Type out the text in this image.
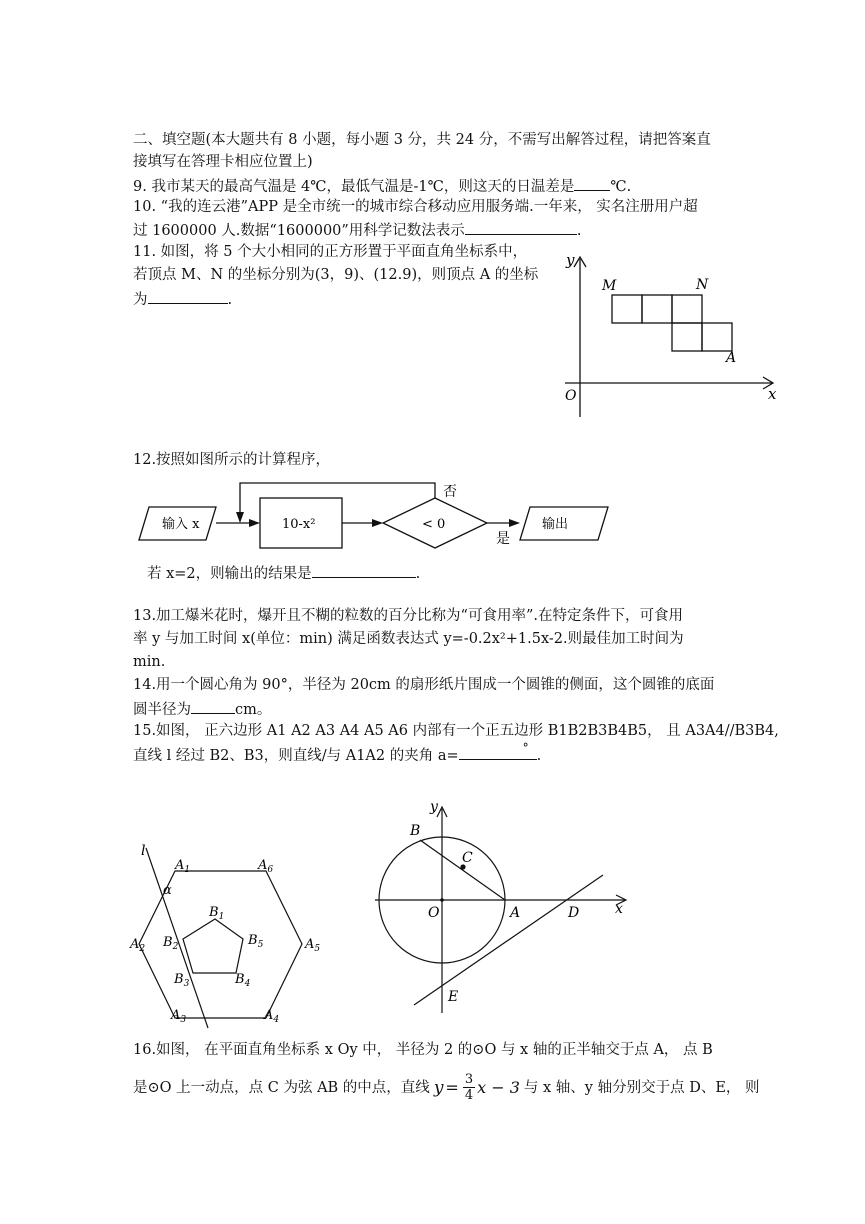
二、填空题(本大题共有 8 小题，每小题 3 分，共 24 分，不需写出解答过程，请把答案直
接填写在答理卡相应位置上)
9. 我市某天的最高气温是 4℃，最低气温是-1℃，则这天的日温差是 ℃.
10. “我的连云港”APP 是全市统一的城市综合移动应用服务端.一年来， 实名注册用户超
过 1600000 人.数据“1600000”用科学记数法表示	.
11. 如图，将 5 个大小相同的正方形置于平面直角坐标系中，
若顶点 M、N 的坐标分别为(3，9)、(12.9)，则顶点 A 的坐标
为	.
y
x
O
M	N
A
12.按照如图所示的计算程序，
输入 x	10-x²	< 0
否
是
输出
若 x=2，则输出的结果是	.
13.加工爆米花时，爆开且不糊的粒数的百分比称为“可食用率”.在特定条件下，可食用
率 y 与加工时间 x(单位：min) 满足函数表达式 y=-0.2x²+1.5x-2.则最佳加工时间为
min.
14.用一个圆心角为 90°，半径为 20cm 的扇形纸片围成一个圆锥的侧面，这个圆锥的底面
圆半径为	cm。
15.如图， 正六边形 A1 A2 A3 A4 A5 A6 内部有一个正五边形 B1B2B3B4B5， 且 A3A4//B3B4,
直线 l 经过 B2、B3，则直线/与 A1A2 的夹角 a=	° .
l
α
$A_1$	$A_6$
$A_2$	$A_5$
$A_3$	$A_4$
$B_1$
$B_5$
$B_2$
$B_3$	$B_4$
y
x
O	A
B
C
D
E
16.如图， 在平面直角坐标系 x Oy 中， 半径为 2 的⊙O 与 x 轴的正半轴交于点 A， 点 B
是⊙O 上一动点，点 C 为弦 AB 的中点，直线 $y = \frac{3}{4}$ x − 3 与 x 轴、y 轴分别交于点 D、E， 则
